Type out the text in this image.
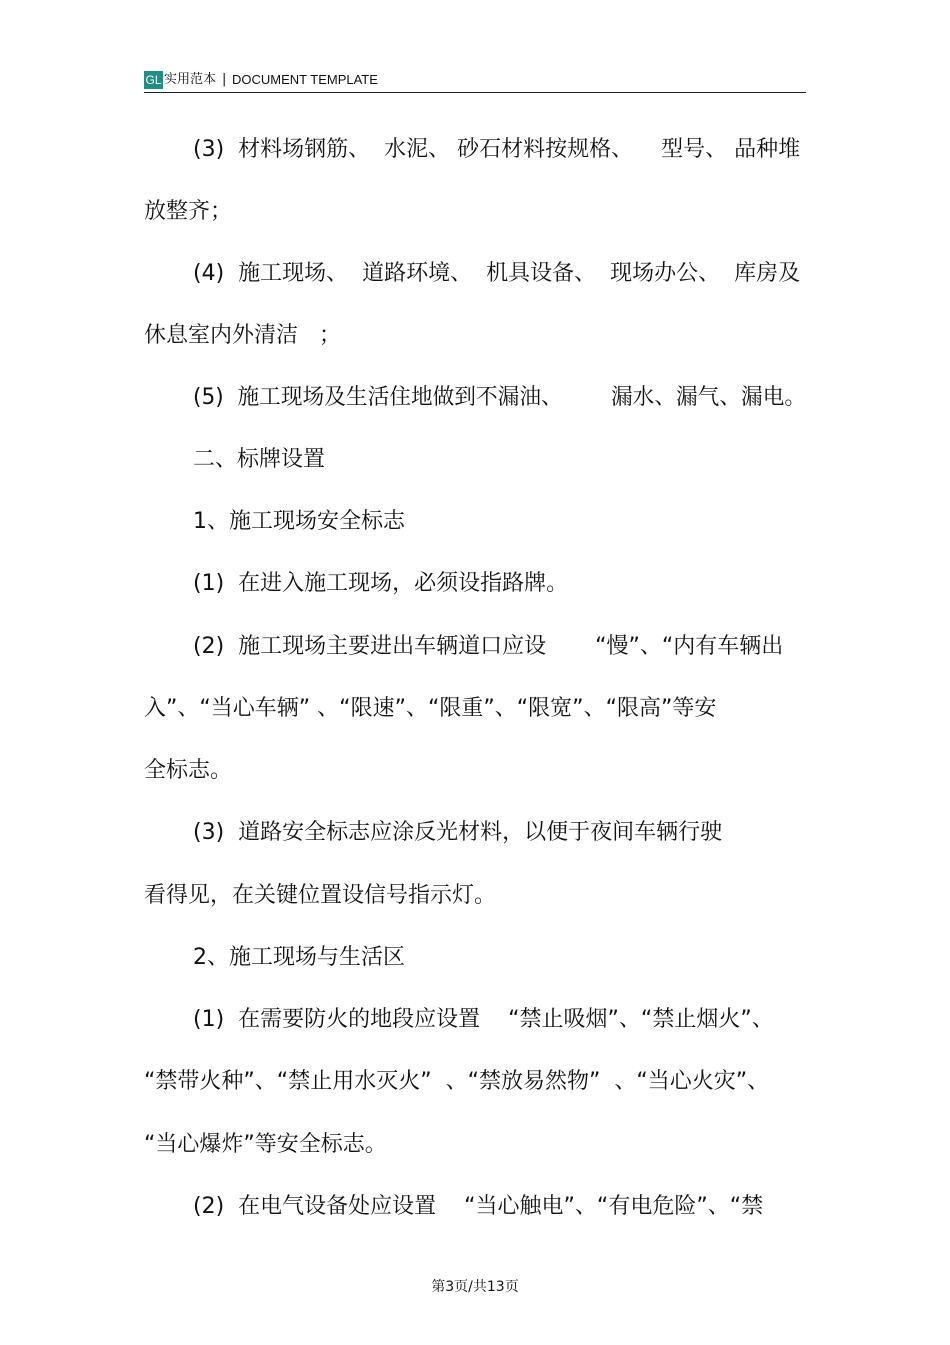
GL 实用范本 | DOCUMENT TEMPLATE
(3)  材料场钢筋、  水泥、 砂石材料按规格、    型号、 品种堆
放整齐；
(4)  施工现场、  道路环境、  机具设备、  现场办公、  库房及
休息室内外清洁   ；
(5)  施工现场及生活住地做到不漏油、       漏水、漏气、漏电。
二、标牌设置
1、施工现场安全标志
(1)  在进入施工现场，必须设指路牌。
(2)  施工现场主要进出车辆道口应设       “慢”、“内有车辆出
入”、“当心车辆” 、“限速”、“限重”、“限宽”、“限高”等安
全标志。
(3)  道路安全标志应涂反光材料，以便于夜间车辆行驶
看得见，在关键位置设信号指示灯。
2、施工现场与生活区
(1)  在需要防火的地段应设置    “禁止吸烟”、“禁止烟火”、
“禁带火种”、“禁止用水灭火”  、“禁放易然物”  、“当心火灾”、
“当心爆炸”等安全标志。
(2)  在电气设备处应设置    “当心触电”、“有电危险”、“禁
第3页/共13页
